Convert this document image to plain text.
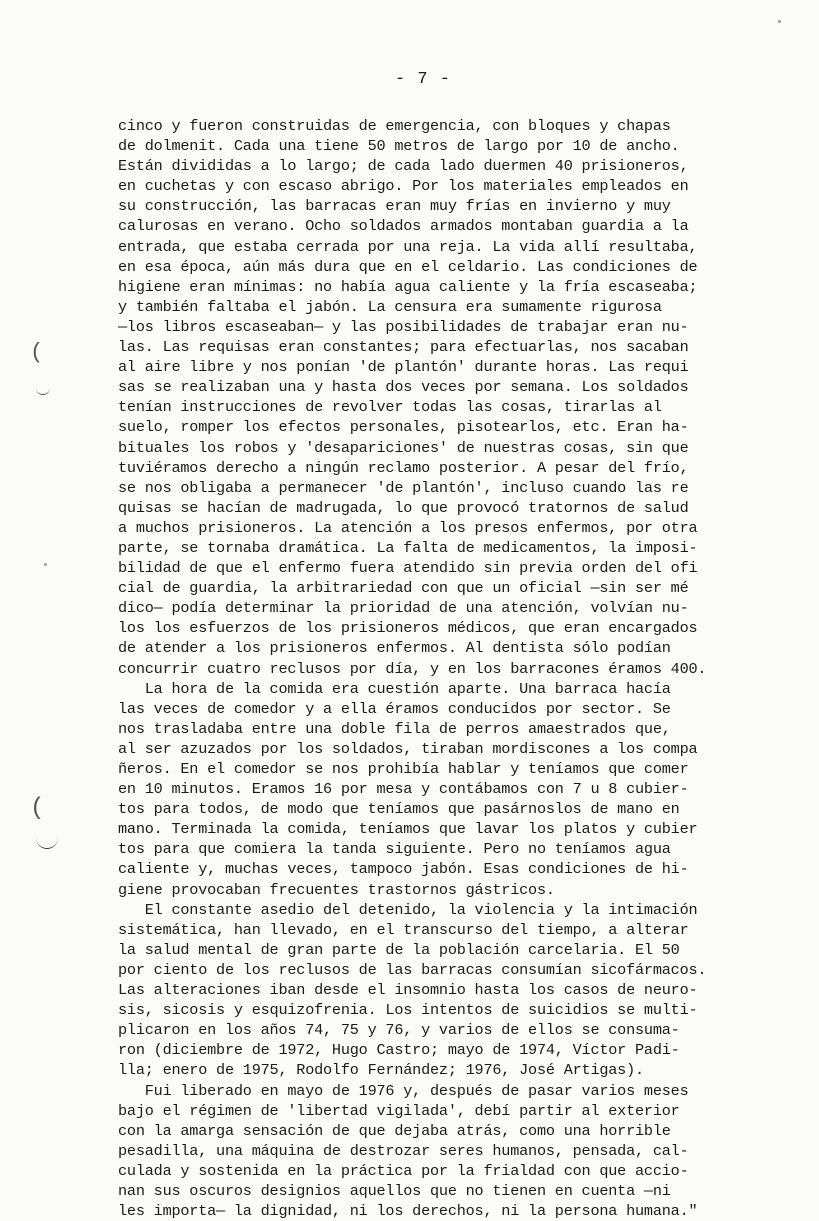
- 7 -
cinco y fueron construidas de emergencia, con bloques y chapas
de dolmenit. Cada una tiene 50 metros de largo por 10 de ancho.
Están divididas a lo largo; de cada lado duermen 40 prisioneros,
en cuchetas y con escaso abrigo. Por los materiales empleados en
su construcción, las barracas eran muy frías en invierno y muy
calurosas en verano. Ocho soldados armados montaban guardia a la
entrada, que estaba cerrada por una reja. La vida allí resultaba,
en esa época, aún más dura que en el celdario. Las condiciones de
higiene eran mínimas: no había agua caliente y la fría escaseaba;
y también faltaba el jabón. La censura era sumamente rigurosa
—los libros escaseaban— y las posibilidades de trabajar eran nu-
las. Las requisas eran constantes; para efectuarlas, nos sacaban
al aire libre y nos ponían 'de plantón' durante horas. Las requi
sas se realizaban una y hasta dos veces por semana. Los soldados
tenían instrucciones de revolver todas las cosas, tirarlas al
suelo, romper los efectos personales, pisotearlos, etc. Eran ha-
bituales los robos y 'desapariciones' de nuestras cosas, sin que
tuviéramos derecho a ningún reclamo posterior. A pesar del frío,
se nos obligaba a permanecer 'de plantón', incluso cuando las re
quisas se hacían de madrugada, lo que provocó tratornos de salud
a muchos prisioneros. La atención a los presos enfermos, por otra
parte, se tornaba dramática. La falta de medicamentos, la imposi-
bilidad de que el enfermo fuera atendido sin previa orden del ofi
cial de guardia, la arbitrariedad con que un oficial —sin ser mé
dico— podía determinar la prioridad de una atención, volvían nu-
los los esfuerzos de los prisioneros médicos, que eran encargados
de atender a los prisioneros enfermos. Al dentista sólo podían
concurrir cuatro reclusos por día, y en los barracones éramos 400.
La hora de la comida era cuestión aparte. Una barraca hacía
las veces de comedor y a ella éramos conducidos por sector. Se
nos trasladaba entre una doble fila de perros amaestrados que,
al ser azuzados por los soldados, tiraban mordiscones a los compa
ñeros. En el comedor se nos prohibía hablar y teníamos que comer
en 10 minutos. Eramos 16 por mesa y contábamos con 7 u 8 cubier-
tos para todos, de modo que teníamos que pasárnoslos de mano en
mano. Terminada la comida, teníamos que lavar los platos y cubier
tos para que comiera la tanda siguiente. Pero no teníamos agua
caliente y, muchas veces, tampoco jabón. Esas condiciones de hi-
giene provocaban frecuentes trastornos gástricos.
El constante asedio del detenido, la violencia y la intimación
sistemática, han llevado, en el transcurso del tiempo, a alterar
la salud mental de gran parte de la población carcelaria. El 50
por ciento de los reclusos de las barracas consumían sicofármacos.
Las alteraciones iban desde el insomnio hasta los casos de neuro-
sis, sicosis y esquizofrenia. Los intentos de suicidios se multi-
plicaron en los años 74, 75 y 76, y varios de ellos se consuma-
ron (diciembre de 1972, Hugo Castro; mayo de 1974, Víctor Padi-
lla; enero de 1975, Rodolfo Fernández; 1976, José Artigas).
Fui liberado en mayo de 1976 y, después de pasar varios meses
bajo el régimen de 'libertad vigilada', debí partir al exterior
con la amarga sensación de que dejaba atrás, como una horrible
pesadilla, una máquina de destrozar seres humanos, pensada, cal-
culada y sostenida en la práctica por la frialdad con que accio-
nan sus oscuros designios aquellos que no tienen en cuenta —ni
les importa— la dignidad, ni los derechos, ni la persona humana."
(
(
